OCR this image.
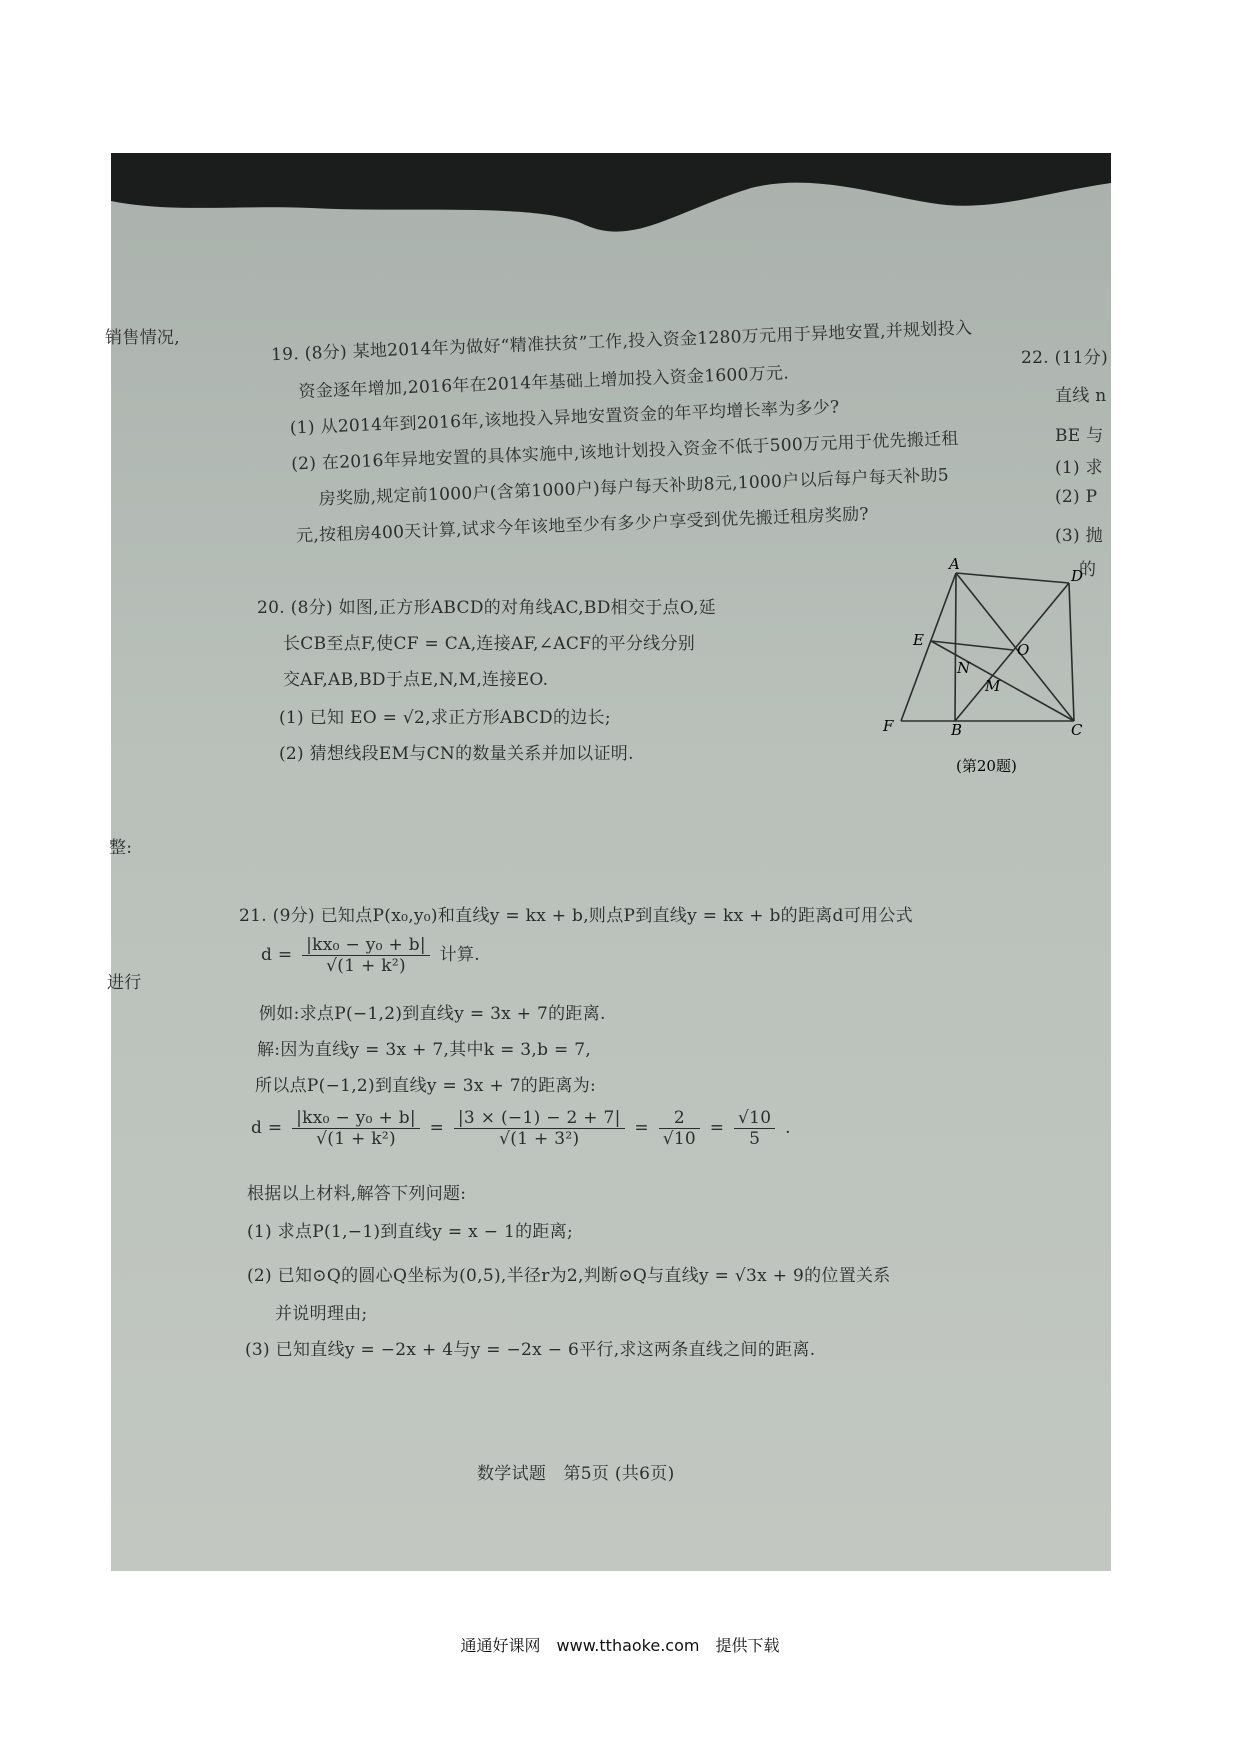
销售情况,
整:
进行
22. (11分)
直线 n
BE 与
(1) 求
(2) P
(3) 抛
的
19. (8分) 某地2014年为做好“精准扶贫”工作,投入资金1280万元用于异地安置,并规划投入
资金逐年增加,2016年在2014年基础上增加投入资金1600万元.
(1) 从2014年到2016年,该地投入异地安置资金的年平均增长率为多少?
(2) 在2016年异地安置的具体实施中,该地计划投入资金不低于500万元用于优先搬迁租
房奖励,规定前1000户(含第1000户)每户每天补助8元,1000户以后每户每天补助5
元,按租房400天计算,试求今年该地至少有多少户享受到优先搬迁租房奖励?
20. (8分) 如图,正方形ABCD的对角线AC,BD相交于点O,延
长CB至点F,使CF = CA,连接AF,∠ACF的平分线分别
交AF,AB,BD于点E,N,M,连接EO.
(1) 已知 EO = √2,求正方形ABCD的边长;
(2) 猜想线段EM与CN的数量关系并加以证明.
A
D
E
O
N
M
F	B	C
(第20题)
21. (9分) 已知点P(x₀,y₀)和直线y = kx + b,则点P到直线y = kx + b的距离d可用公式
$d = \frac{\text{|kx₀ − y₀ + b|}}{\text{√(1 + k²)}}$ 计算.
例如:求点P(−1,2)到直线y = 3x + 7的距离.
解:因为直线y = 3x + 7,其中k = 3,b = 7,
所以点P(−1,2)到直线y = 3x + 7的距离为:
$d = \frac{\text{|kx₀ − y₀ + b|}}{\text{√(1 + k²)}} = \frac{|3 \times (-1) - 2 + 7|}{\text{√(1 + 3²)}} = \frac{2}{√10} = \frac{√10}{5}$ .
根据以上材料,解答下列问题:
(1) 求点P(1,−1)到直线y = x − 1的距离;
(2) 已知⊙Q的圆心Q坐标为(0,5),半径r为2,判断⊙Q与直线y = √3x + 9的位置关系
并说明理由;
(3) 已知直线y = −2x + 4与y = −2x − 6平行,求这两条直线之间的距离.
数学试题　第5页 (共6页)
通通好课网　www.tthaoke.com　提供下载
